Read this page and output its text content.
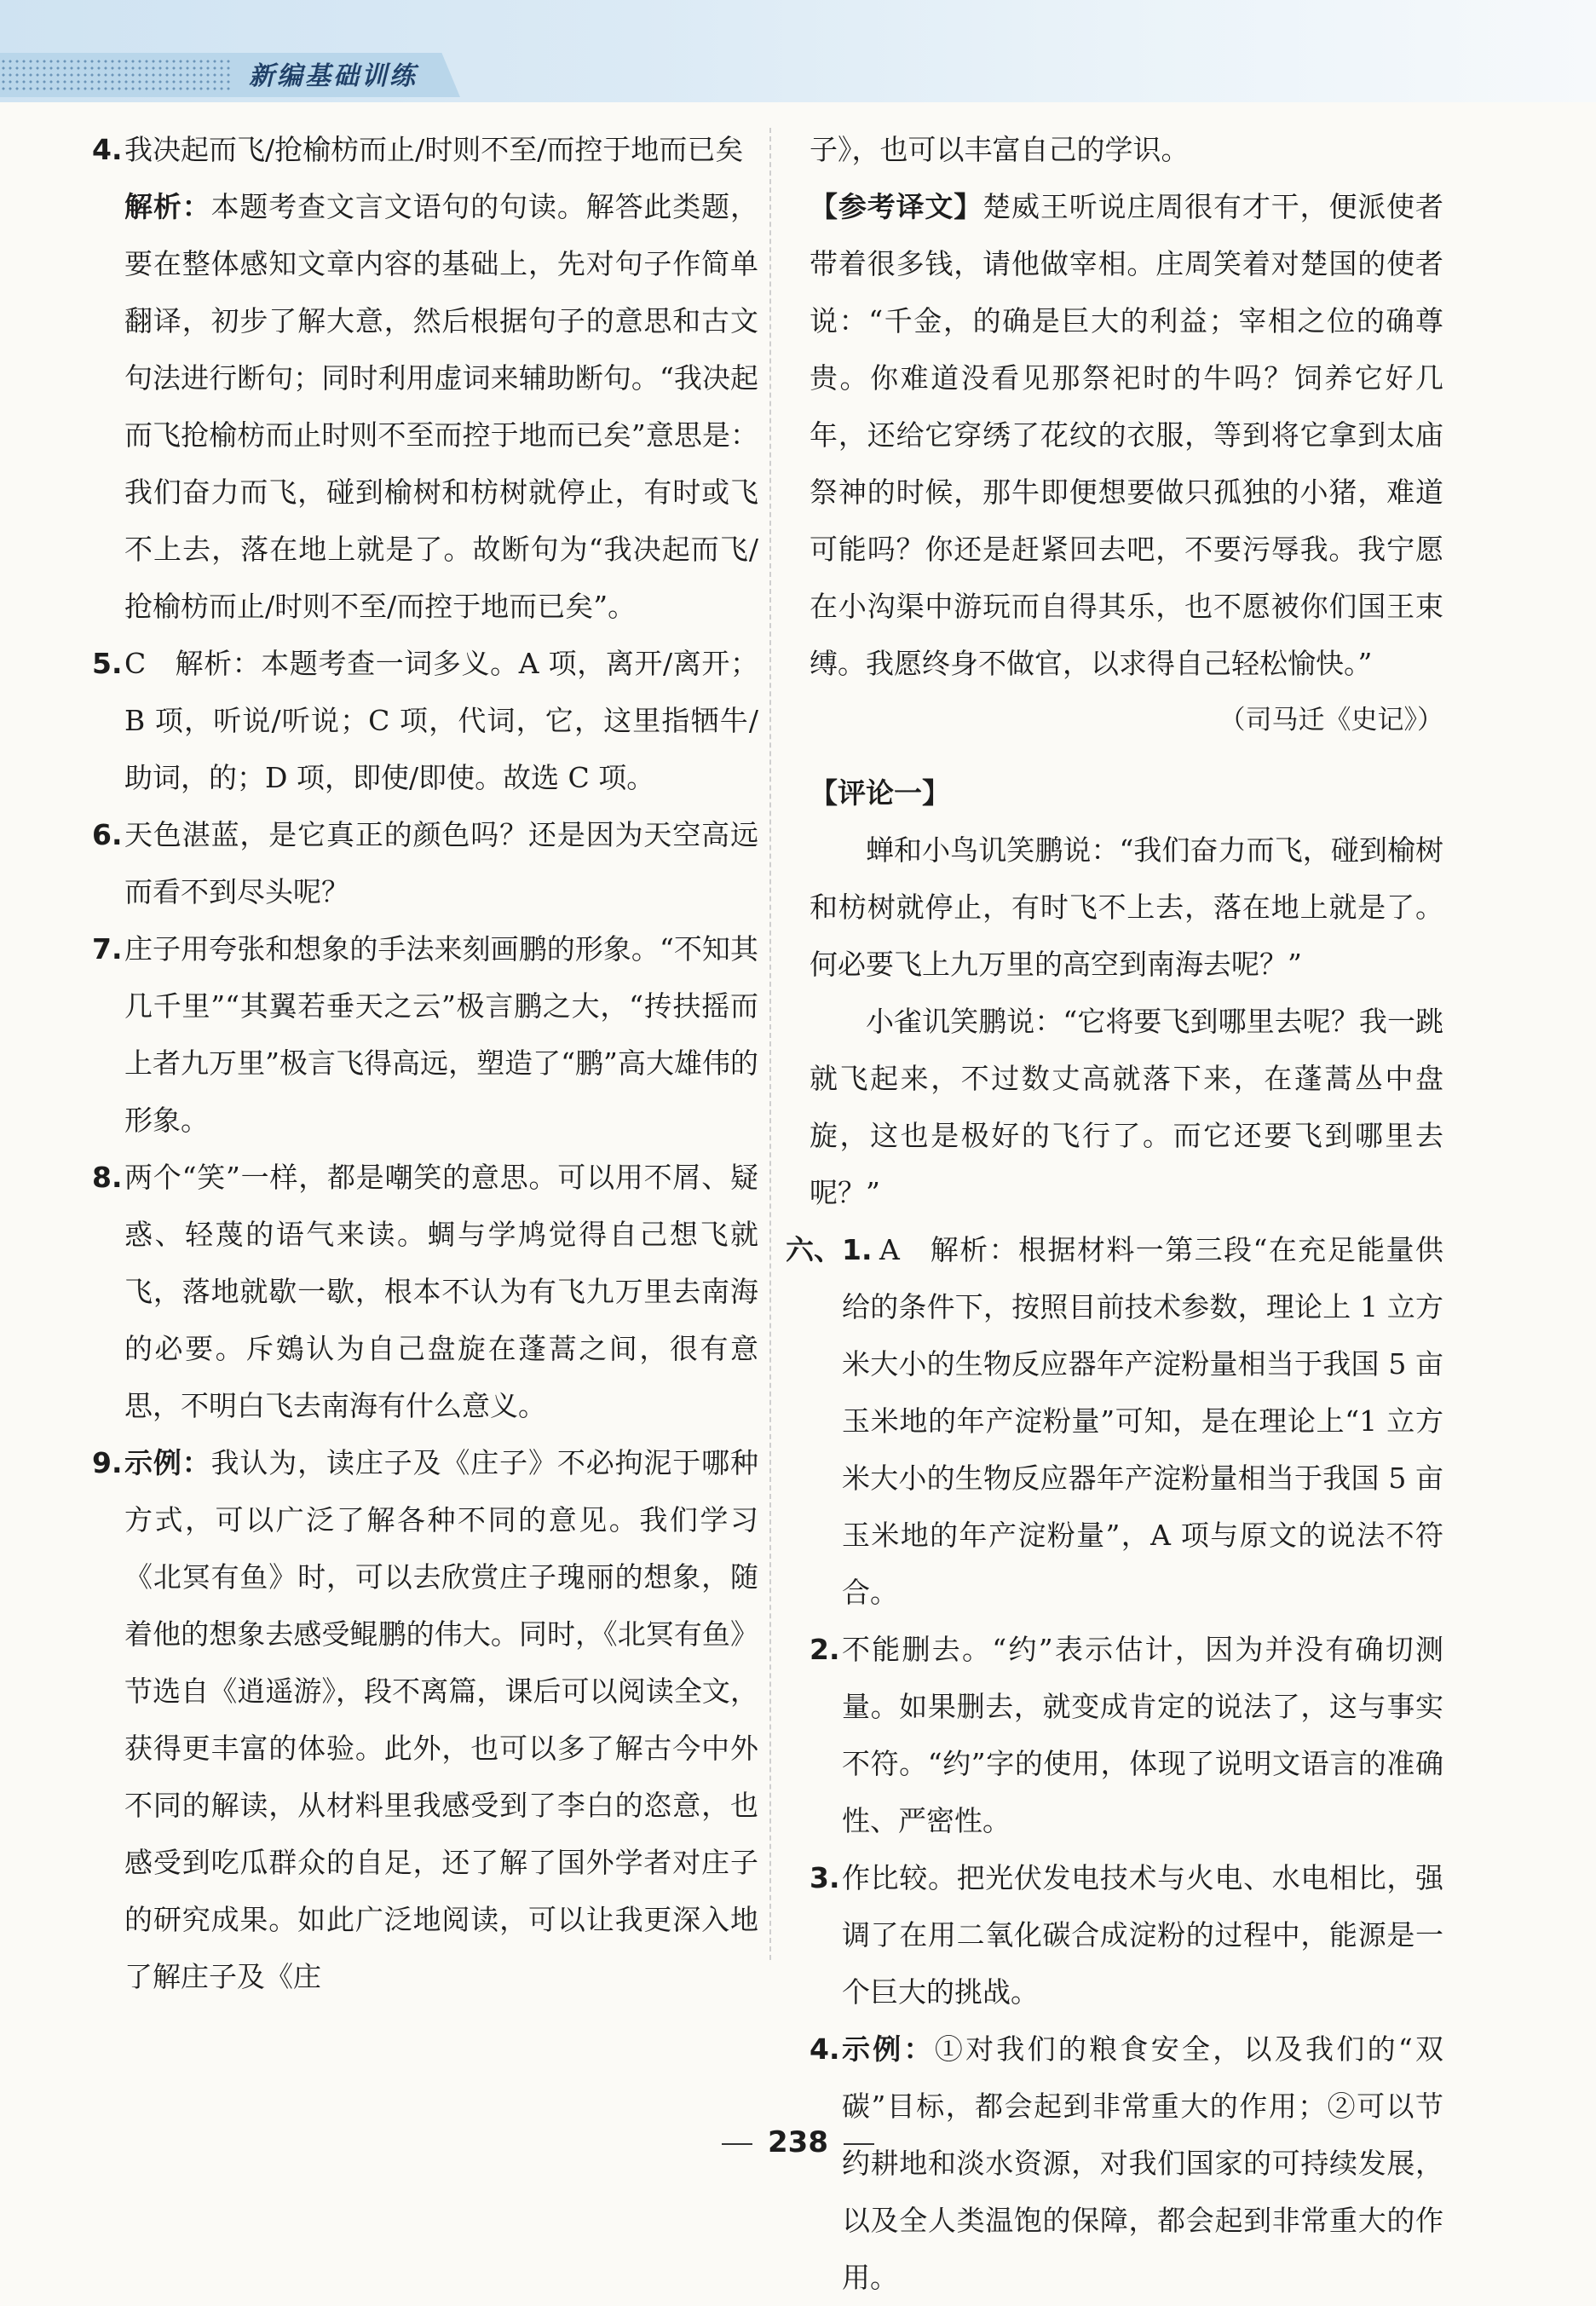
新编基础训练
4. 我决起而飞/抢榆枋而止/时则不至/而控于地而已矣
解析：本题考查文言文语句的句读。解答此类题，要在整体感知文章内容的基础上，先对句子作简单翻译，初步了解大意，然后根据句子的意思和古文句法进行断句；同时利用虚词来辅助断句。“我决起而飞抢榆枋而止时则不至而控于地而已矣”意思是：我们奋力而飞，碰到榆树和枋树就停止，有时或飞不上去，落在地上就是了。故断句为“我决起而飞/抢榆枋而止/时则不至/而控于地而已矣”。
5. C　解析：本题考查一词多义。A 项，离开/离开；B 项，听说/听说；C 项，代词，它，这里指牺牛/助词，的；D 项，即使/即使。故选 C 项。
6. 天色湛蓝，是它真正的颜色吗？还是因为天空高远而看不到尽头呢？
7. 庄子用夸张和想象的手法来刻画鹏的形象。“不知其几千里”“其翼若垂天之云”极言鹏之大，“抟扶摇而上者九万里”极言飞得高远，塑造了“鹏”高大雄伟的形象。
8. 两个“笑”一样，都是嘲笑的意思。可以用不屑、疑惑、轻蔑的语气来读。蜩与学鸠觉得自己想飞就飞，落地就歇一歇，根本不认为有飞九万里去南海的必要。斥鴳认为自己盘旋在蓬蒿之间，很有意思，不明白飞去南海有什么意义。
9. 示例：我认为，读庄子及《庄子》不必拘泥于哪种方式，可以广泛了解各种不同的意见。我们学习《北冥有鱼》时，可以去欣赏庄子瑰丽的想象，随着他的想象去感受鲲鹏的伟大。同时，《北冥有鱼》节选自《逍遥游》，段不离篇，课后可以阅读全文，获得更丰富的体验。此外，也可以多了解古今中外不同的解读，从材料里我感受到了李白的恣意，也感受到吃瓜群众的自足，还了解了国外学者对庄子的研究成果。如此广泛地阅读，可以让我更深入地了解庄子及《庄
子》，也可以丰富自己的学识。
【参考译文】楚威王听说庄周很有才干，便派使者带着很多钱，请他做宰相。庄周笑着对楚国的使者说：“千金，的确是巨大的利益；宰相之位的确尊贵。你难道没看见那祭祀时的牛吗？饲养它好几年，还给它穿绣了花纹的衣服，等到将它拿到太庙祭神的时候，那牛即便想要做只孤独的小猪，难道可能吗？你还是赶紧回去吧，不要污辱我。我宁愿在小沟渠中游玩而自得其乐，也不愿被你们国王束缚。我愿终身不做官，以求得自己轻松愉快。”
（司马迁《史记》）
【评论一】
蝉和小鸟讥笑鹏说：“我们奋力而飞，碰到榆树和枋树就停止，有时飞不上去，落在地上就是了。何必要飞上九万里的高空到南海去呢？”
小雀讥笑鹏说：“它将要飞到哪里去呢？我一跳就飞起来，不过数丈高就落下来，在蓬蒿丛中盘旋，这也是极好的飞行了。而它还要飞到哪里去呢？”
六、1. A　解析：根据材料一第三段“在充足能量供给的条件下，按照目前技术参数，理论上 1 立方米大小的生物反应器年产淀粉量相当于我国 5 亩玉米地的年产淀粉量”可知，是在理论上“1 立方米大小的生物反应器年产淀粉量相当于我国 5 亩玉米地的年产淀粉量”，A 项与原文的说法不符合。
2. 不能删去。“约”表示估计，因为并没有确切测量。如果删去，就变成肯定的说法了，这与事实不符。“约”字的使用，体现了说明文语言的准确性、严密性。
3. 作比较。把光伏发电技术与火电、水电相比，强调了在用二氧化碳合成淀粉的过程中，能源是一个巨大的挑战。
4. 示例：①对我们的粮食安全，以及我们的“双碳”目标，都会起到非常重大的作用；②可以节约耕地和淡水资源，对我们国家的可持续发展，以及全人类温饱的保障，都会起到非常重大的作用。
238
